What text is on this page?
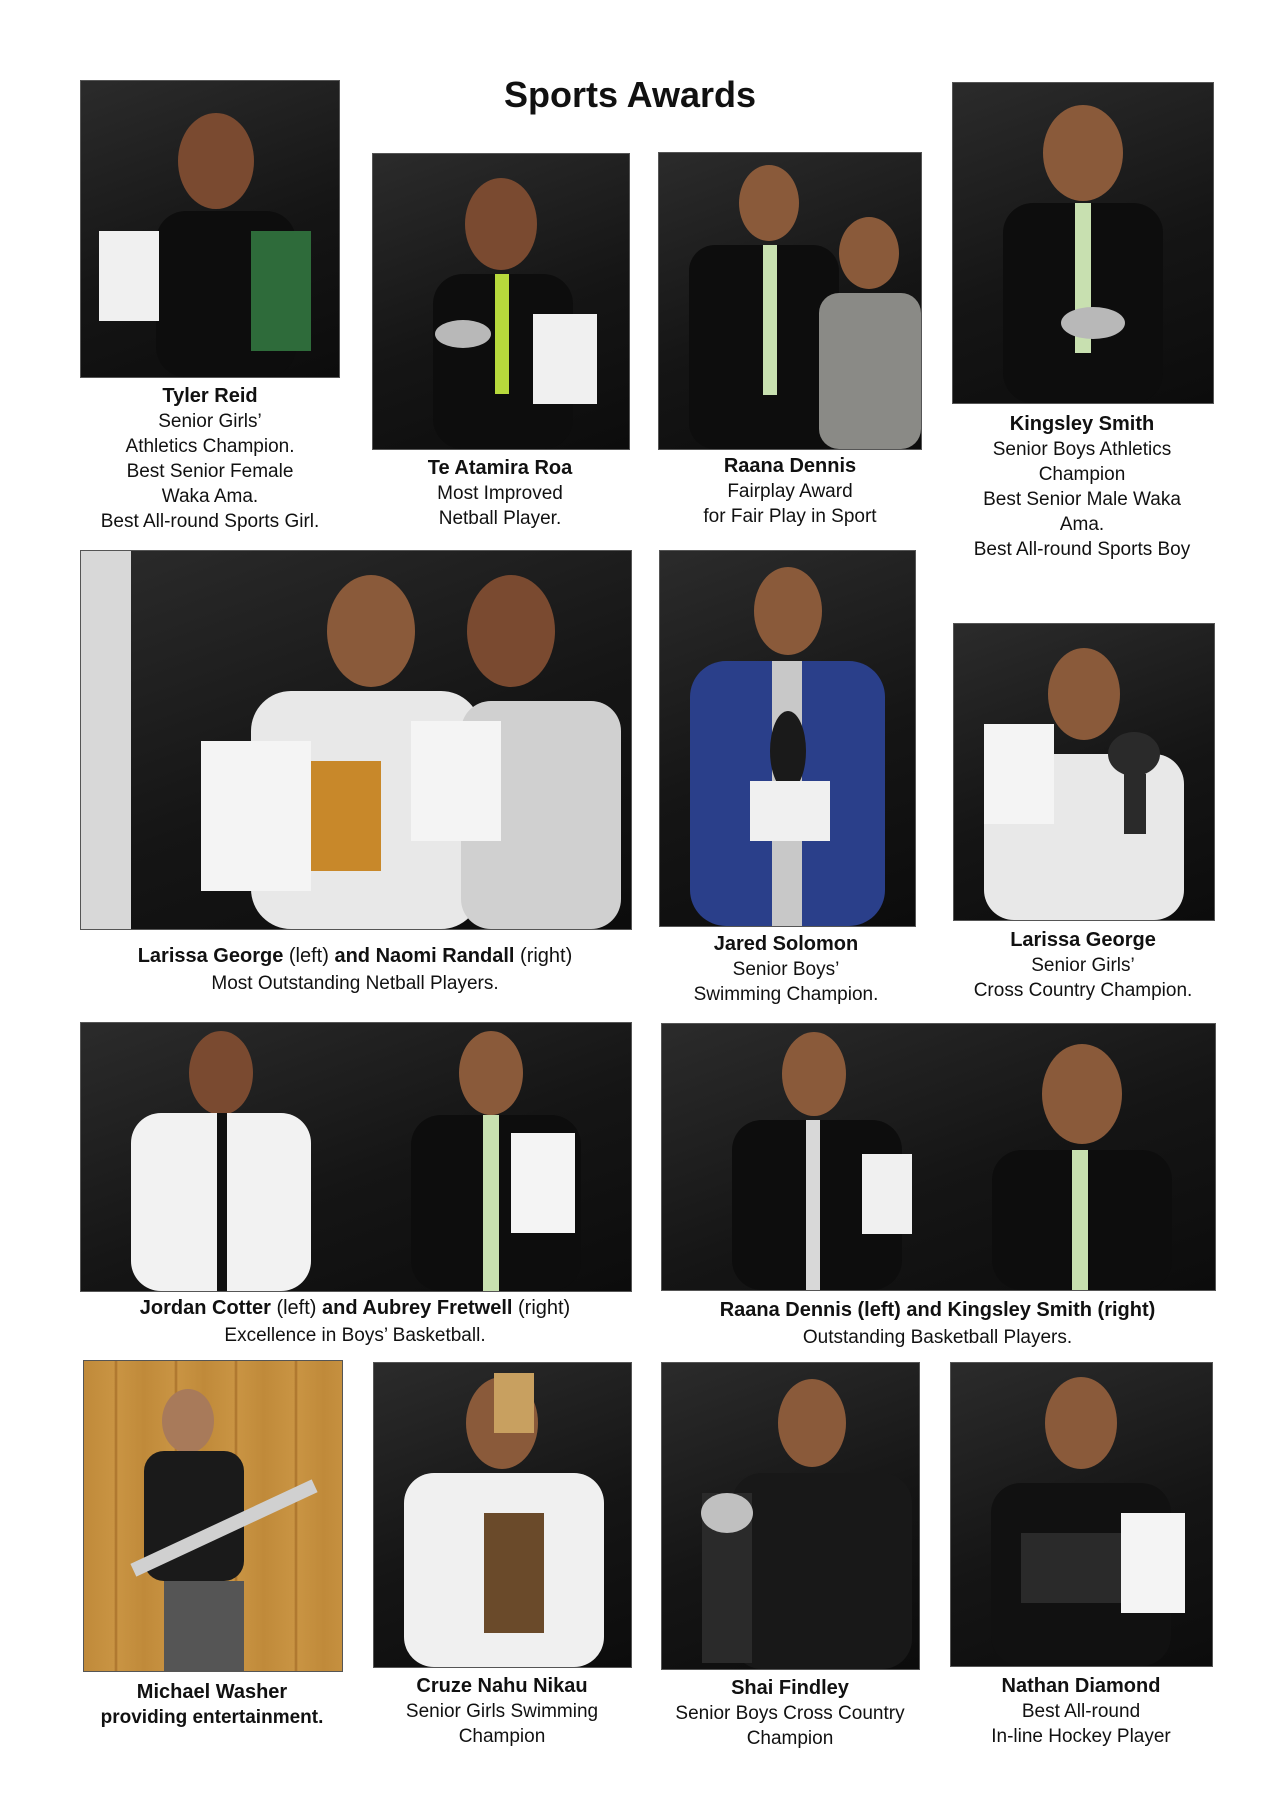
Sports Awards
Tyler Reid
Senior Girls’
Athletics Champion.
Best Senior Female
Waka Ama.
Best All-round Sports Girl.
Te Atamira Roa
Most Improved
Netball Player.
Raana Dennis
Fairplay Award
for Fair Play in Sport
Kingsley Smith
Senior Boys Athletics
Champion
Best Senior Male Waka
Ama.
Best All-round Sports Boy
Larissa George (left) and Naomi Randall (right)
Most Outstanding Netball Players.
Jared Solomon
Senior Boys’
Swimming Champion.
Larissa George
Senior Girls’
Cross Country Champion.
Jordan Cotter (left) and Aubrey Fretwell (right)
Excellence in Boys’ Basketball.
Raana Dennis (left) and Kingsley Smith (right)
Outstanding Basketball Players.
Michael Washer
providing entertainment.
Cruze Nahu Nikau
Senior Girls Swimming
Champion
Shai Findley
Senior Boys Cross Country
Champion
Nathan Diamond
Best All-round
In-line Hockey Player
